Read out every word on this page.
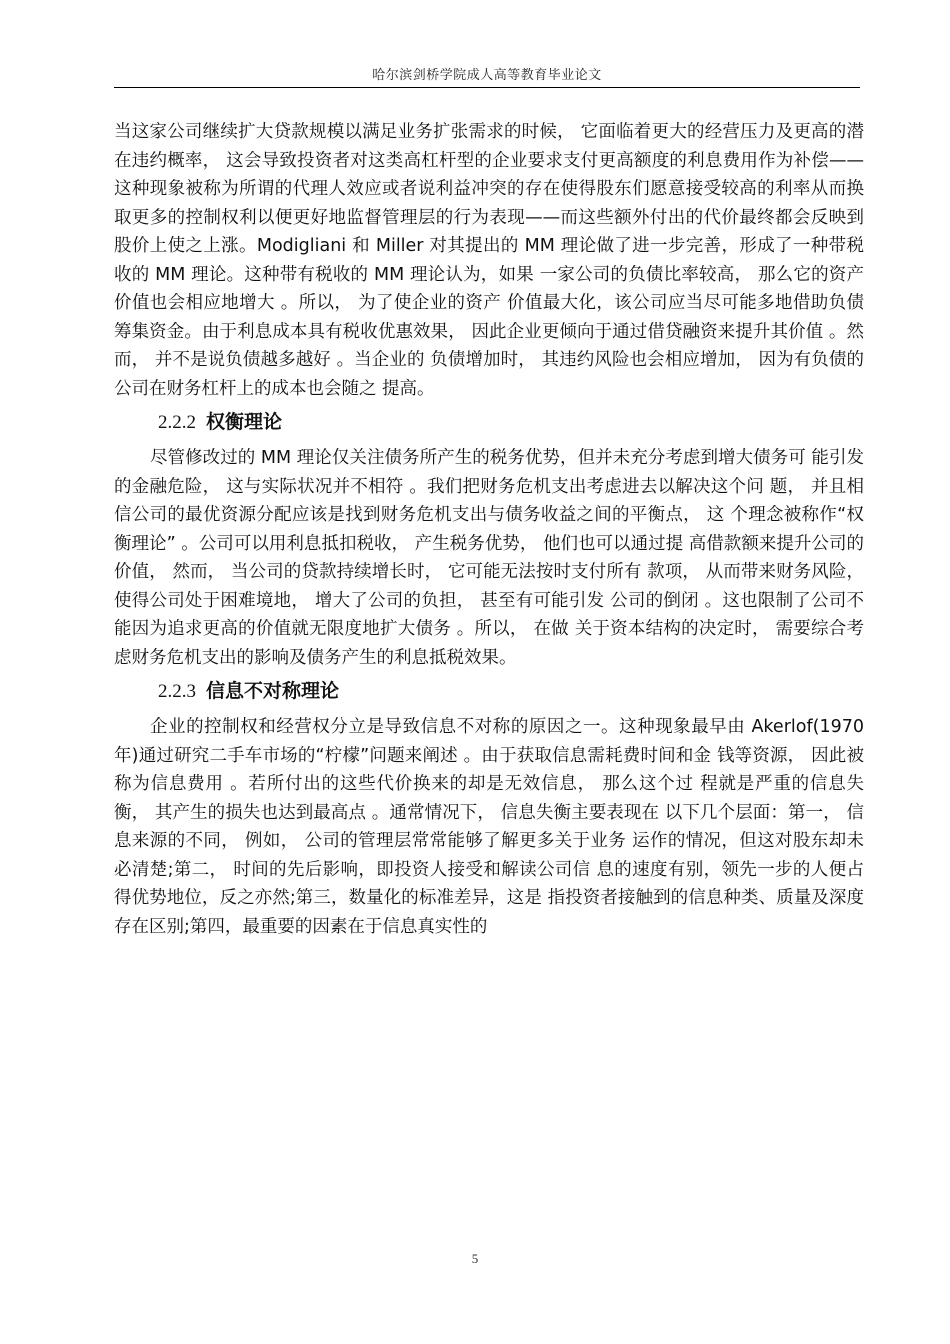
哈尔滨剑桥学院成人高等教育毕业论文

当这家公司继续扩大贷款规模以满足业务扩张需求的时候， 它面临着更大的经营压力及更高的潜在违约概率， 这会导致投资者对这类高杠杆型的企业要求支付更高额度的利息费用作为补偿——这种现象被称为所谓的代理人效应或者说利益冲突的存在使得股东们愿意接受较高的利率从而换取更多的控制权利以便更好地监督管理层的行为表现——而这些额外付出的代价最终都会反映到股价上使之上涨。Modigliani 和 Miller 对其提出的 MM 理论做了进一步完善，形成了一种带税收的 MM 理论。这种带有税收的 MM 理论认为，如果 一家公司的负债比率较高， 那么它的资产价值也会相应地增大 。所以， 为了使企业的资产 价值最大化，该公司应当尽可能多地借助负债筹集资金。由于利息成本具有税收优惠效果， 因此企业更倾向于通过借贷融资来提升其价值 。然而， 并不是说负债越多越好 。当企业的 负债增加时， 其违约风险也会相应增加， 因为有负债的公司在财务杠杆上的成本也会随之 提高。

2.2.2 权衡理论

尽管修改过的 MM 理论仅关注债务所产生的税务优势，但并未充分考虑到增大债务可 能引发的金融危险， 这与实际状况并不相符 。我们把财务危机支出考虑进去以解决这个问 题， 并且相信公司的最优资源分配应该是找到财务危机支出与债务收益之间的平衡点， 这 个理念被称作“权衡理论” 。公司可以用利息抵扣税收， 产生税务优势， 他们也可以通过提 高借款额来提升公司的价值， 然而， 当公司的贷款持续增长时， 它可能无法按时支付所有 款项， 从而带来财务风险， 使得公司处于困难境地， 增大了公司的负担， 甚至有可能引发 公司的倒闭 。这也限制了公司不能因为追求更高的价值就无限度地扩大债务 。所以， 在做 关于资本结构的决定时， 需要综合考虑财务危机支出的影响及债务产生的利息抵税效果。

2.2.3 信息不对称理论

企业的控制权和经营权分立是导致信息不对称的原因之一。这种现象最早由 Akerlof(1970 年)通过研究二手车市场的“柠檬”问题来阐述 。由于获取信息需耗费时间和金 钱等资源， 因此被称为信息费用 。若所付出的这些代价换来的却是无效信息， 那么这个过 程就是严重的信息失衡， 其产生的损失也达到最高点 。通常情况下， 信息失衡主要表现在 以下几个层面：第一， 信息来源的不同， 例如， 公司的管理层常常能够了解更多关于业务 运作的情况，但这对股东却未必清楚;第二， 时间的先后影响，即投资人接受和解读公司信 息的速度有别，领先一步的人便占得优势地位，反之亦然;第三，数量化的标准差异，这是 指投资者接触到的信息种类、质量及深度存在区别;第四，最重要的因素在于信息真实性的

5
